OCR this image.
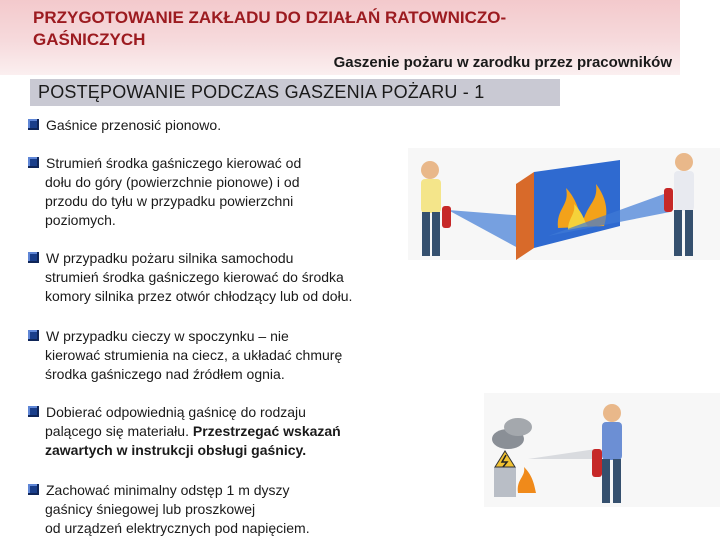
PRZYGOTOWANIE ZAKŁADU DO DZIAŁAŃ RATOWNICZO-GAŚNICZYCH
Gaszenie pożaru w zarodku przez pracowników
POSTĘPOWANIE PODCZAS GASZENIA POŻARU - 1
Gaśnice przenosić pionowo.
Strumień środka gaśniczego kierować od
dołu do góry (powierzchnie pionowe) i od
przodu do tyłu w przypadku powierzchni
poziomych.
W przypadku pożaru silnika samochodu
strumień środka gaśniczego kierować do środka
komory silnika przez otwór chłodzący lub od dołu.
W przypadku cieczy w spoczynku – nie
kierować strumienia na ciecz, a układać chmurę
środka gaśniczego nad źródłem ognia.
Dobierać odpowiednią gaśnicę do rodzaju
palącego się materiału. Przestrzegać wskazań
zawartych w instrukcji obsługi gaśnicy.
Zachować minimalny odstęp 1 m dyszy
gaśnicy śniegowej lub proszkowej
od urządzeń elektrycznych pod napięciem.
